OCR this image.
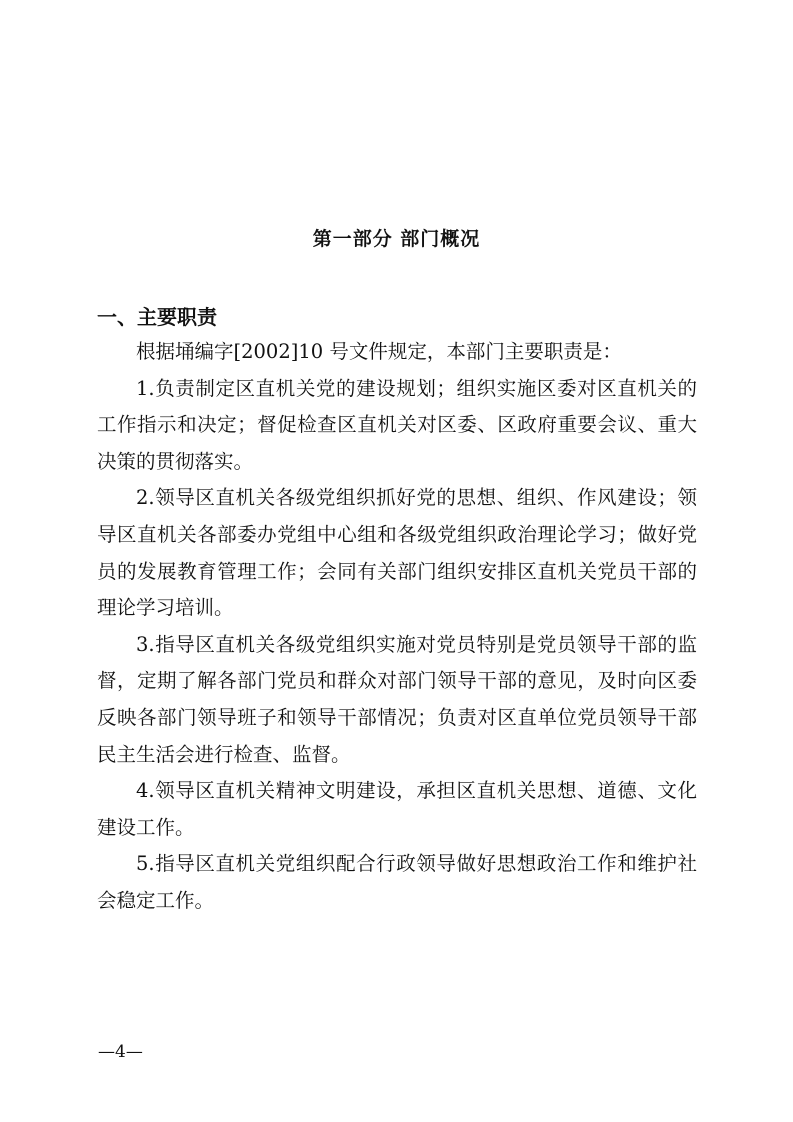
第一部分 部门概况
一、主要职责

根据埇编字[2002]10 号文件规定，本部门主要职责是：

1.负责制定区直机关党的建设规划；组织实施区委对区直机关的工作指示和决定；督促检查区直机关对区委、区政府重要会议、重大决策的贯彻落实。

2.领导区直机关各级党组织抓好党的思想、组织、作风建设；领导区直机关各部委办党组中心组和各级党组织政治理论学习；做好党员的发展教育管理工作；会同有关部门组织安排区直机关党员干部的理论学习培训。

3.指导区直机关各级党组织实施对党员特别是党员领导干部的监督，定期了解各部门党员和群众对部门领导干部的意见，及时向区委反映各部门领导班子和领导干部情况；负责对区直单位党员领导干部民主生活会进行检查、监督。

4.领导区直机关精神文明建设，承担区直机关思想、道德、文化建设工作。

5.指导区直机关党组织配合行政领导做好思想政治工作和维护社会稳定工作。

—4—
